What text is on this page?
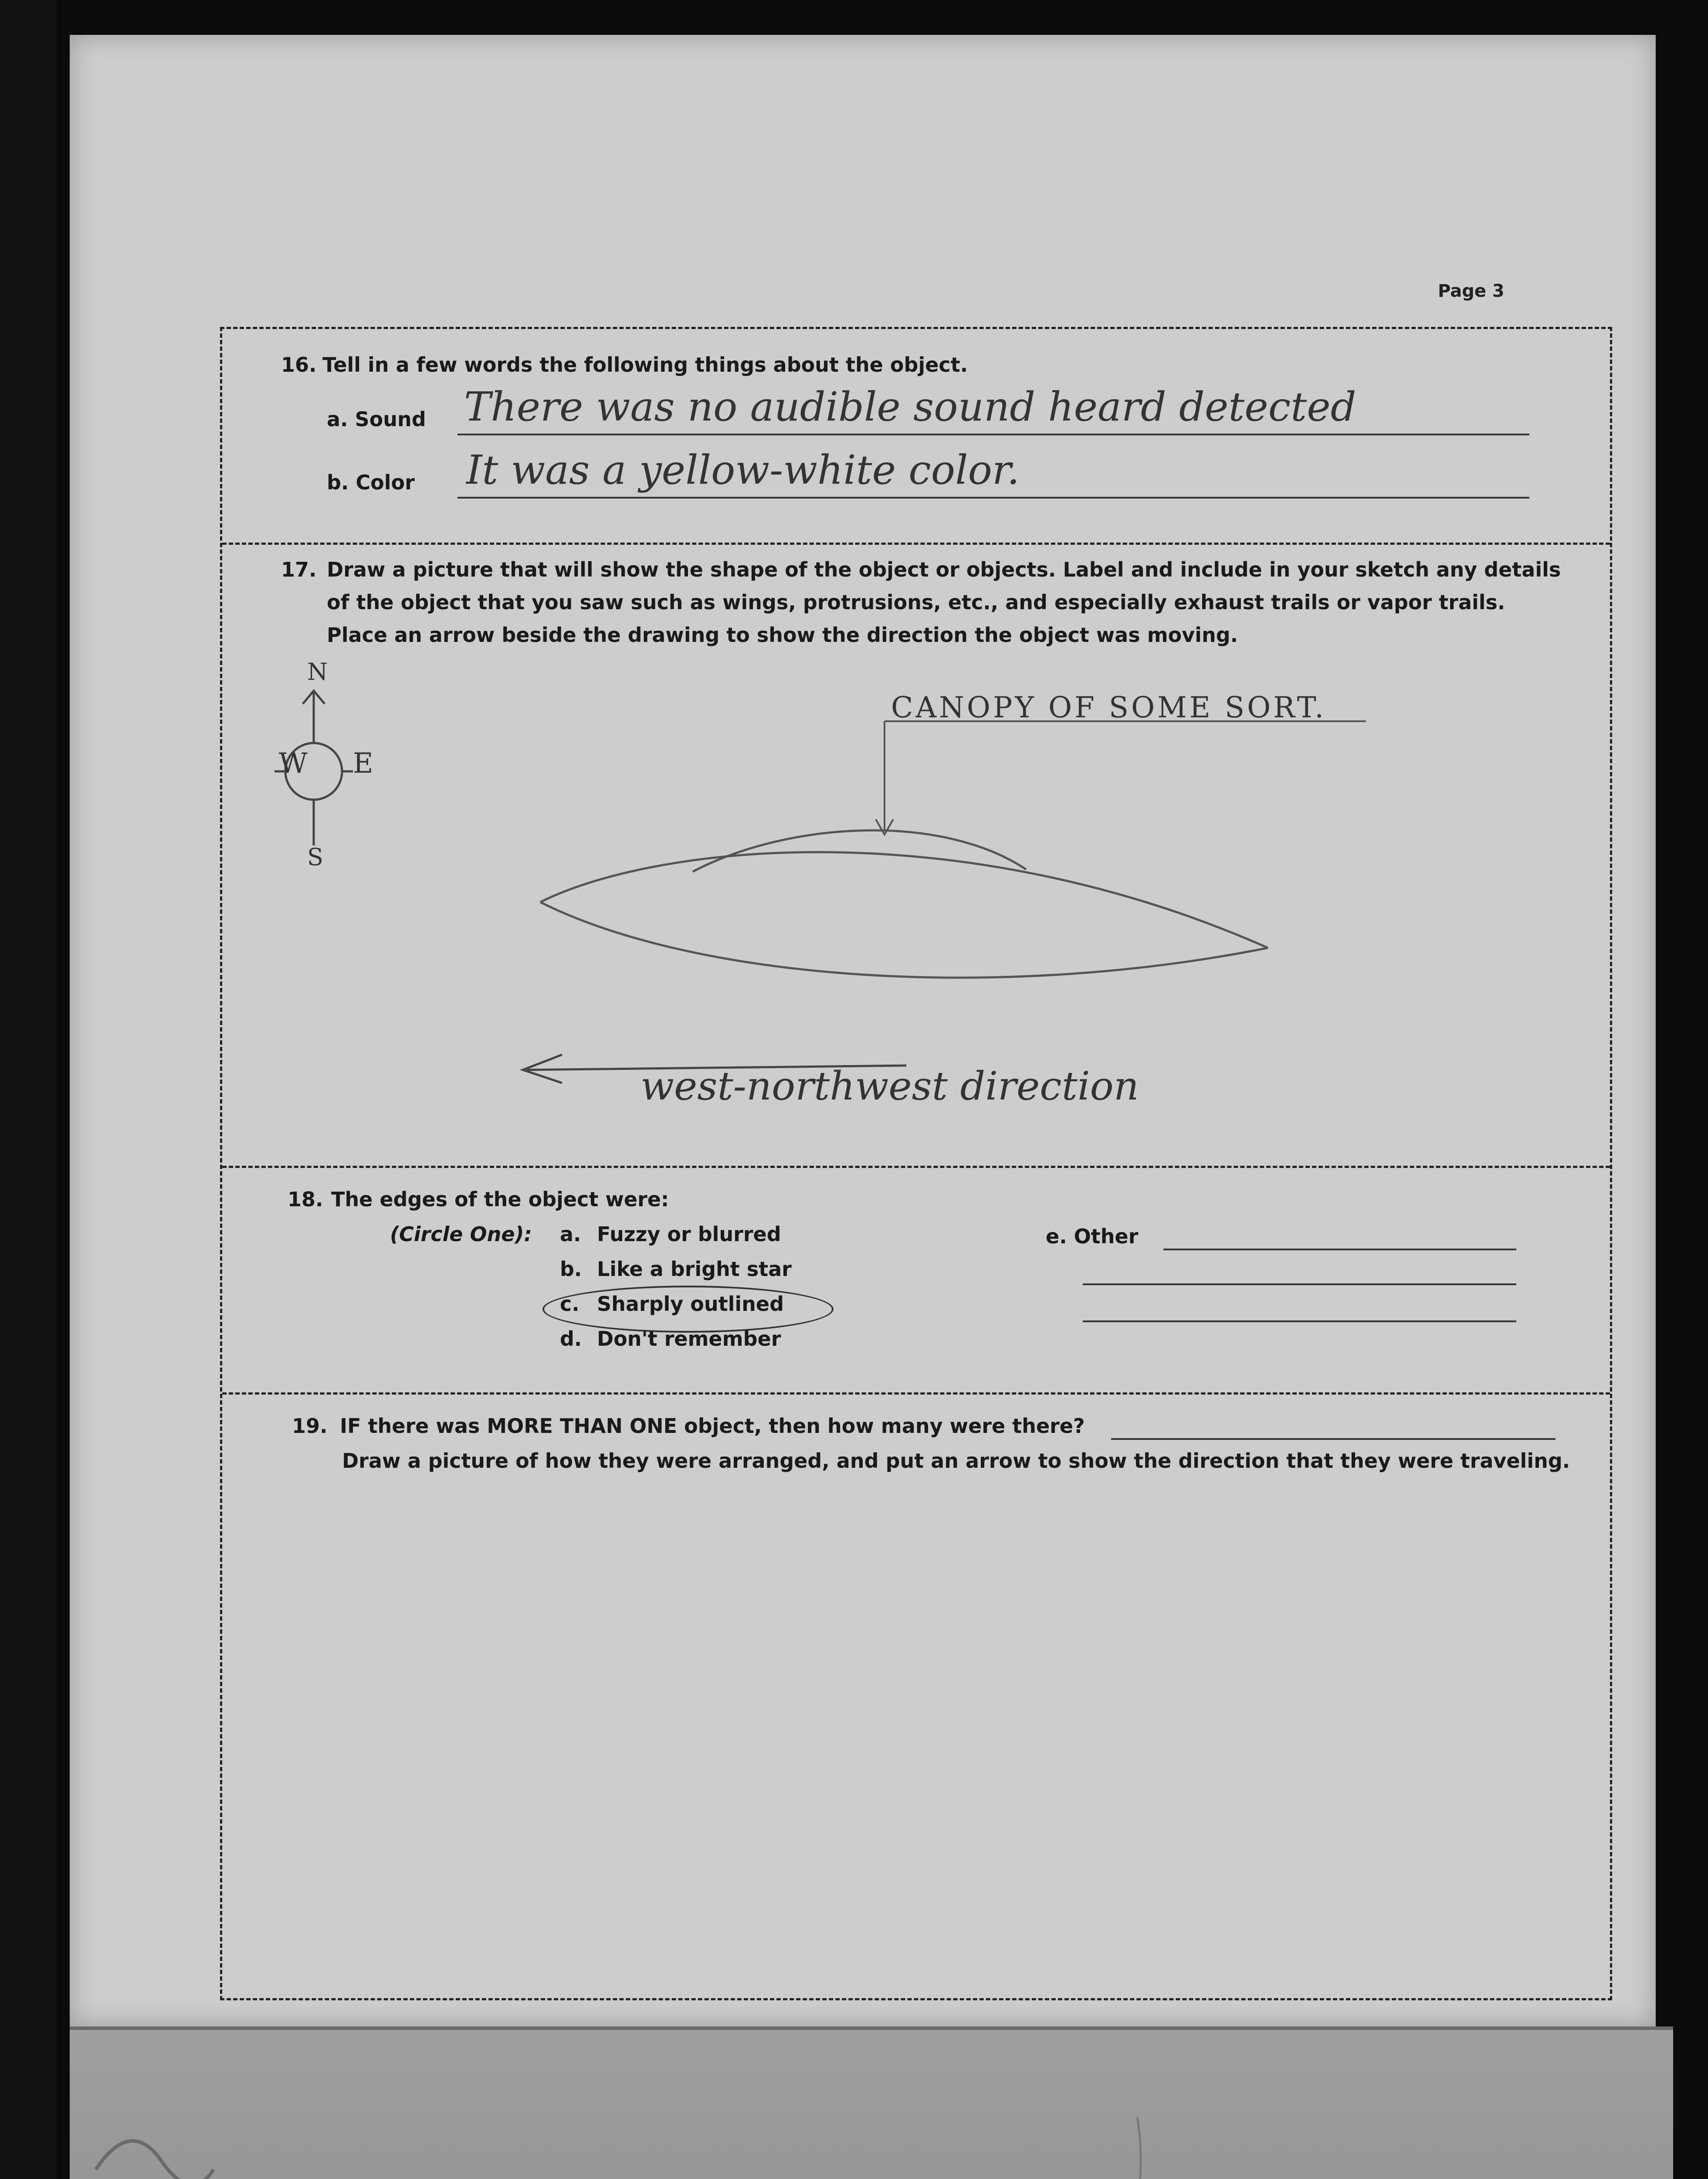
Page 3
16. Tell in a few words the following things about the object.
a. Sound There was no audible sound heard detected
b. Color It was a yellow-white color.
17. Draw a picture that will show the shape of the object or objects. Label and include in your sketch any details
of the object that you saw such as wings, protrusions, etc., and especially exhaust trails or vapor trails.
Place an arrow beside the drawing to show the direction the object was moving.
W E
N
S
CANOPY OF SOME SORT.
west-northwest direction
18. The edges of the object were:
(Circle One): a. Fuzzy or blurred
b. Like a bright star
c. Sharply outlined
d. Don't remember
e. Other
19. IF there was MORE THAN ONE object, then how many were there?
Draw a picture of how they were arranged, and put an arrow to show the direction that they were traveling.
